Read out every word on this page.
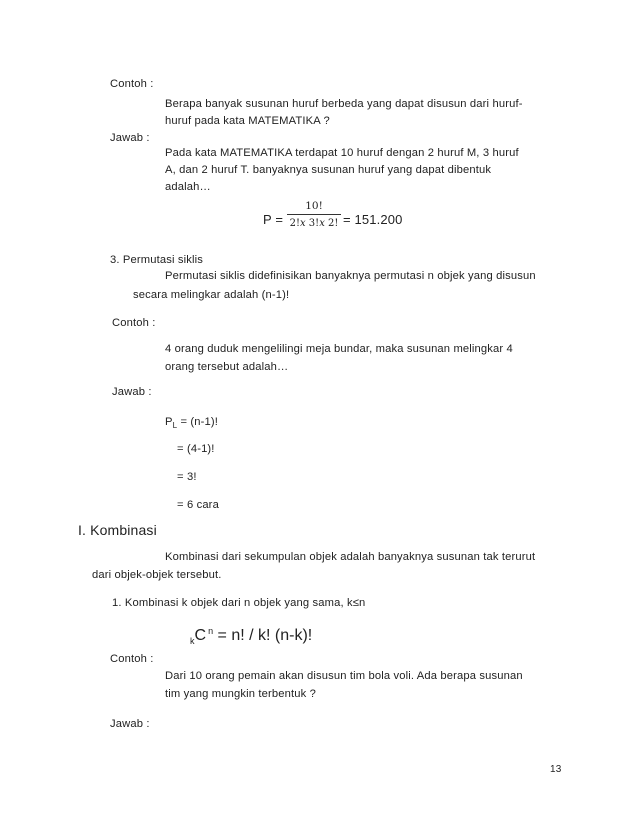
Contoh :
Berapa banyak susunan huruf berbeda yang dapat disusun dari huruf-
huruf pada kata MATEMATIKA ?
Jawab :
Pada kata MATEMATIKA terdapat 10 huruf dengan 2 huruf M, 3 huruf
A, dan 2 huruf T. banyaknya susunan huruf yang dapat dibentuk
adalah…
P =
10!
2!𝑥 3!𝑥 2! = 151.200
3. Permutasi siklis
Permutasi siklis didefinisikan banyaknya permutasi n objek yang disusun
secara melingkar adalah (n-1)!
Contoh :
4 orang duduk mengelilingi meja bundar, maka susunan melingkar 4
orang tersebut adalah…
Jawab :
$P_L = (n-1)$!
= (4-1)!
= 3!
= 6 cara
I. Kombinasi
Kombinasi dari sekumpulan objek adalah banyaknya susunan tak terurut
dari objek-objek tersebut.
1. Kombinasi k objek dari n objek yang sama, k≤n
$_k$C $^n$ = n! / k! (n-k)!
Contoh :
Dari 10 orang pemain akan disusun tim bola voli. Ada berapa susunan
tim yang mungkin terbentuk ?
Jawab :
13
